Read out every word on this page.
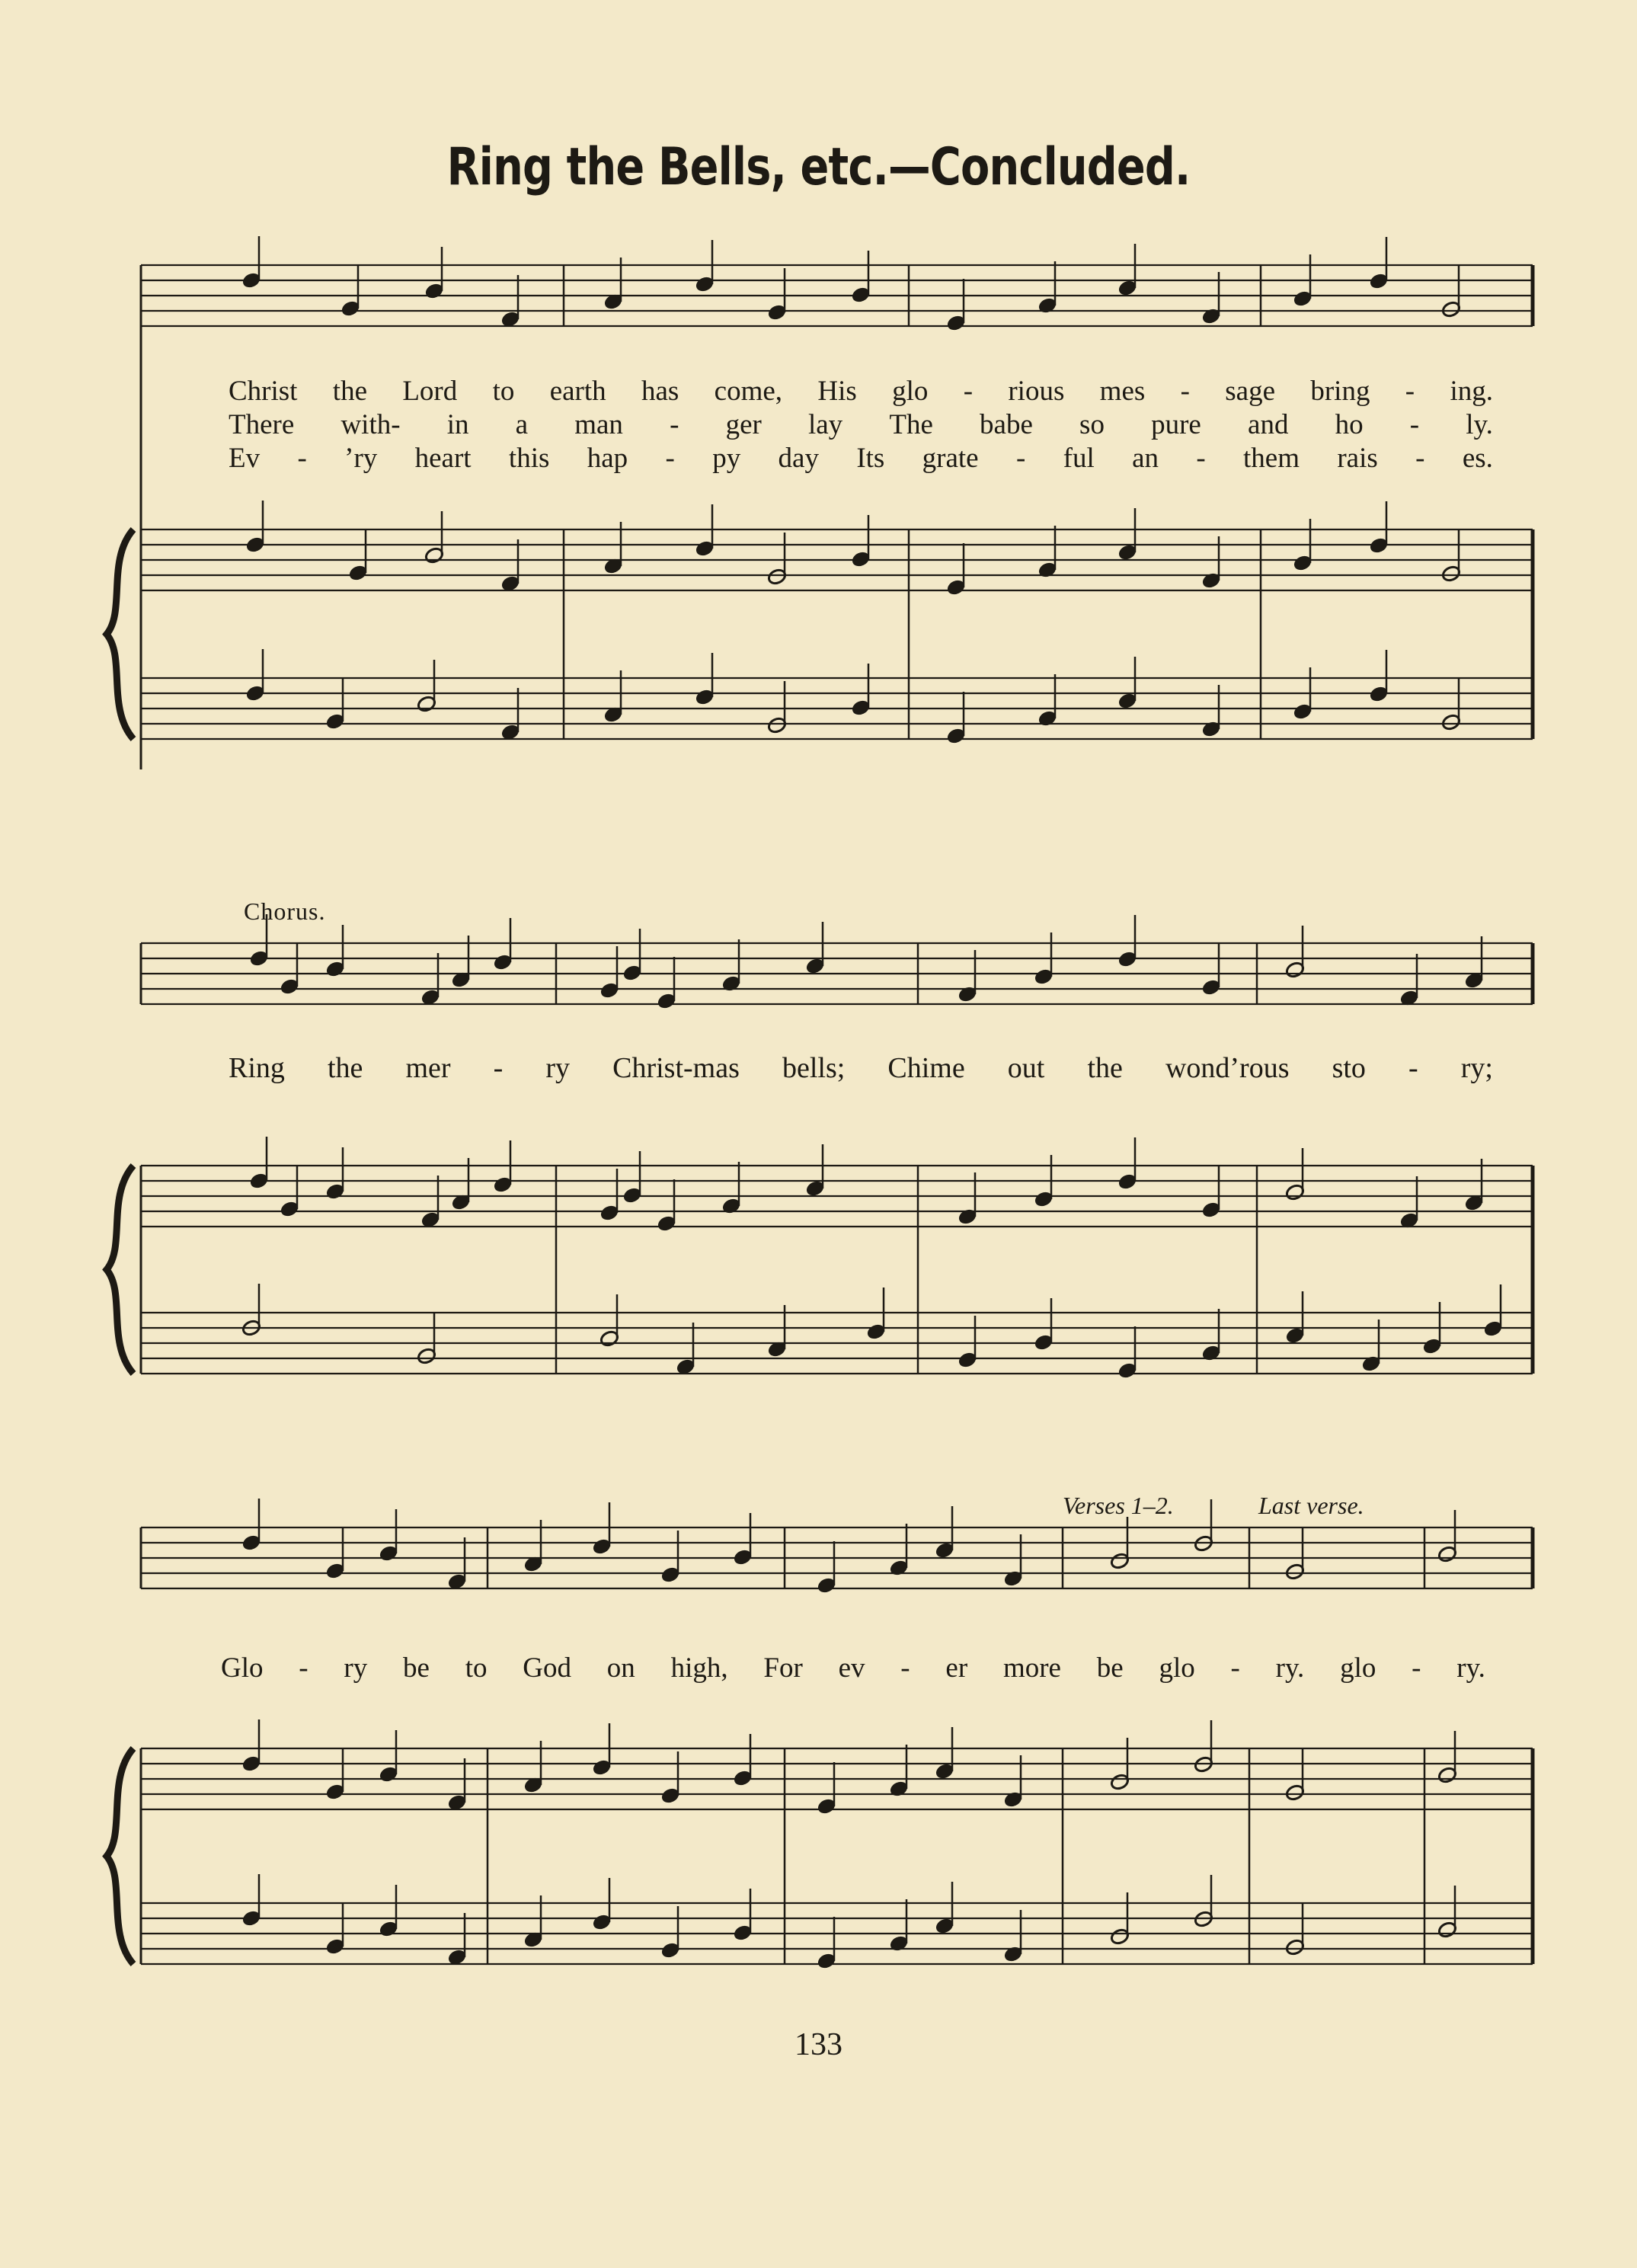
Ring the Bells, etc.—Concluded.
Christ the Lord to earth has come, His glo - rious mes - sage bring - ing.
There with- in a man - ger lay The babe so pure and ho - ly.
Ev - ’ry heart this hap - py day Its grate - ful an - them rais - es.
Chorus.
Ring the mer - ry Christ-mas bells; Chime out the wond’rous sto - ry;
Verses 1–2.	Last verse.
Glo - ry be to God on high, For ev - er more be glo - ry. glo - ry.
133
